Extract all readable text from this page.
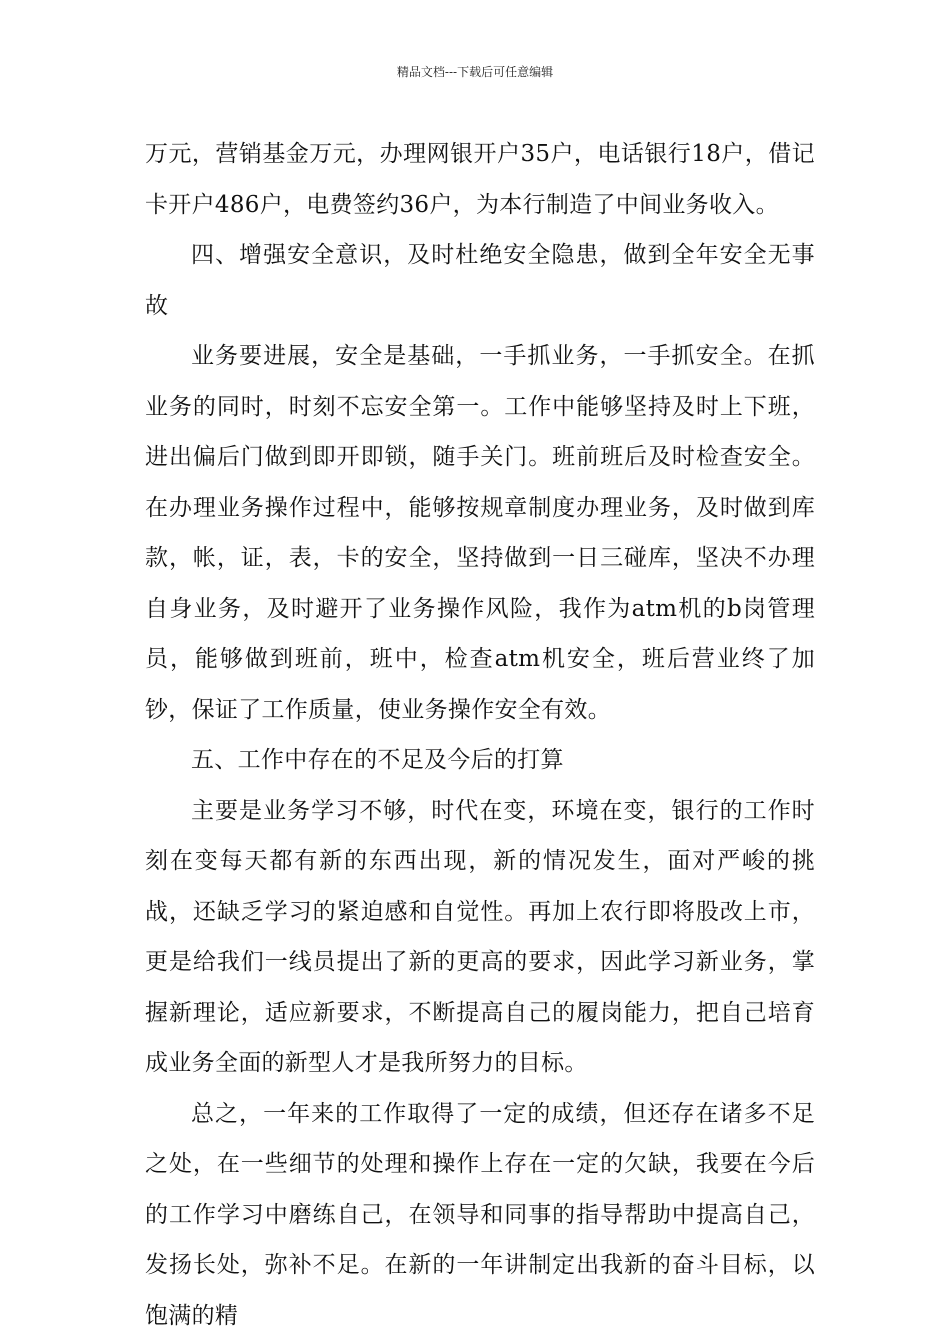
精品文档---下载后可任意编辑

万元，营销基金万元，办理网银开户35户，电话银行18户，借记卡开户486户，电费签约36户，为本行制造了中间业务收入。

四、增强安全意识，及时杜绝安全隐患，做到全年安全无事故

业务要进展，安全是基础，一手抓业务，一手抓安全。在抓业务的同时，时刻不忘安全第一。工作中能够坚持及时上下班，进出偏后门做到即开即锁，随手关门。班前班后及时检查安全。在办理业务操作过程中，能够按规章制度办理业务，及时做到库款，帐，证，表，卡的安全，坚持做到一日三碰库，坚决不办理自身业务，及时避开了业务操作风险，我作为atm机的b岗管理员，能够做到班前，班中，检查atm机安全，班后营业终了加钞，保证了工作质量，使业务操作安全有效。

五、工作中存在的不足及今后的打算

主要是业务学习不够，时代在变，环境在变，银行的工作时刻在变每天都有新的东西出现，新的情况发生，面对严峻的挑战，还缺乏学习的紧迫感和自觉性。再加上农行即将股改上市，更是给我们一线员提出了新的更高的要求，因此学习新业务，掌握新理论，适应新要求，不断提高自己的履岗能力，把自己培育成业务全面的新型人才是我所努力的目标。

总之，一年来的工作取得了一定的成绩，但还存在诸多不足之处，在一些细节的处理和操作上存在一定的欠缺，我要在今后的工作学习中磨练自己，在领导和同事的指导帮助中提高自己，发扬长处，弥补不足。在新的一年讲制定出我新的奋斗目标，以饱满的精
